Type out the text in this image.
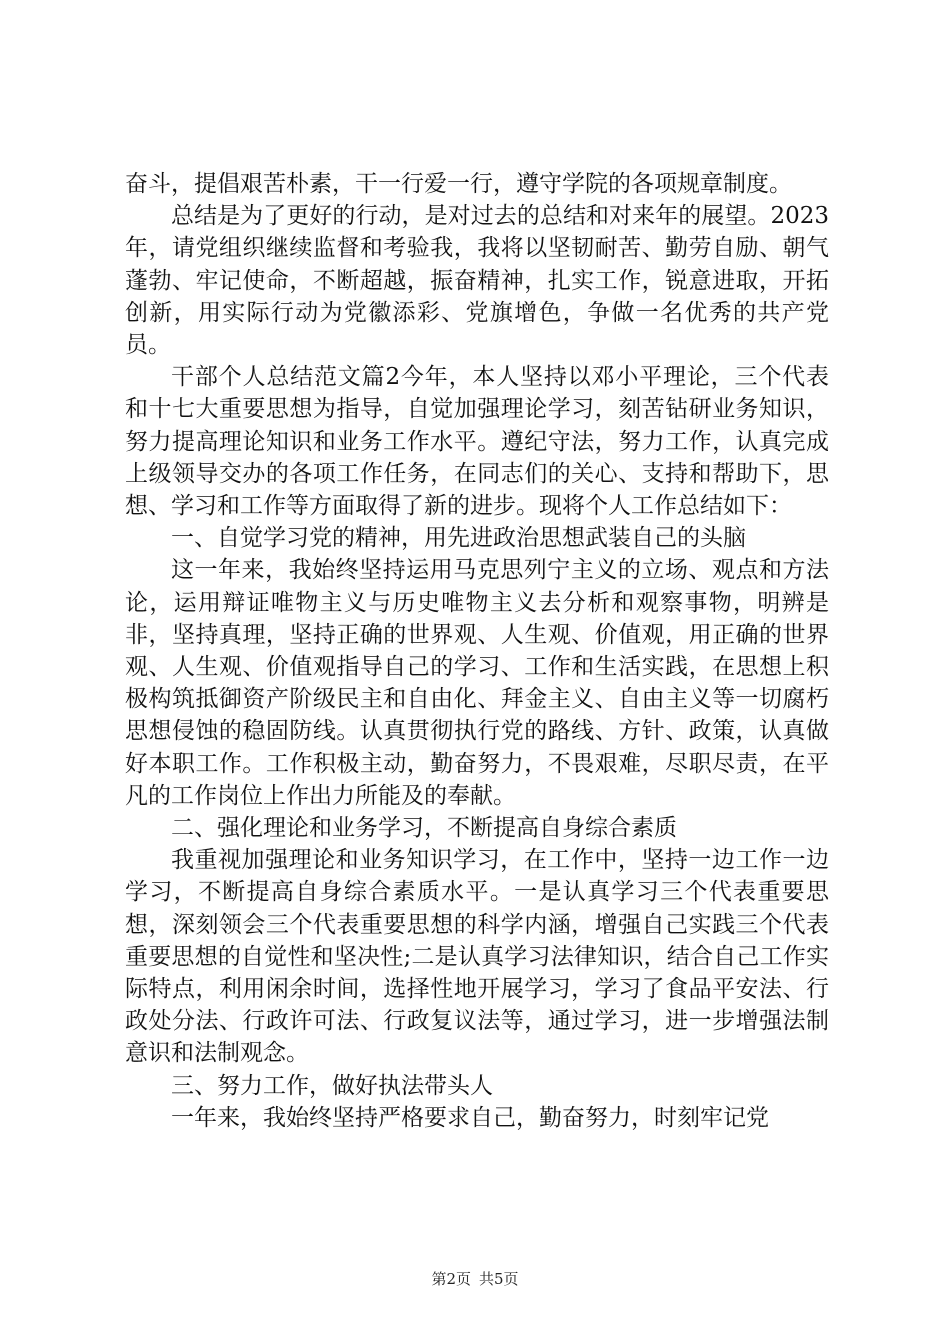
奋斗，提倡艰苦朴素，干一行爱一行，遵守学院的各项规章制度。

总结是为了更好的行动，是对过去的总结和对来年的展望。2023年，请党组织继续监督和考验我，我将以坚韧耐苦、勤劳自励、朝气蓬勃、牢记使命，不断超越，振奋精神，扎实工作，锐意进取，开拓创新，用实际行动为党徽添彩、党旗增色，争做一名优秀的共产党员。

干部个人总结范文篇2今年，本人坚持以邓小平理论，三个代表和十七大重要思想为指导，自觉加强理论学习，刻苦钻研业务知识，努力提高理论知识和业务工作水平。遵纪守法，努力工作，认真完成上级领导交办的各项工作任务，在同志们的关心、支持和帮助下，思想、学习和工作等方面取得了新的进步。现将个人工作总结如下：

一、自觉学习党的精神，用先进政治思想武装自己的头脑

这一年来，我始终坚持运用马克思列宁主义的立场、观点和方法论，运用辩证唯物主义与历史唯物主义去分析和观察事物，明辨是非，坚持真理，坚持正确的世界观、人生观、价值观，用正确的世界观、人生观、价值观指导自己的学习、工作和生活实践，在思想上积极构筑抵御资产阶级民主和自由化、拜金主义、自由主义等一切腐朽思想侵蚀的稳固防线。认真贯彻执行党的路线、方针、政策，认真做好本职工作。工作积极主动，勤奋努力，不畏艰难，尽职尽责，在平凡的工作岗位上作出力所能及的奉献。

二、强化理论和业务学习，不断提高自身综合素质

我重视加强理论和业务知识学习，在工作中，坚持一边工作一边学习，不断提高自身综合素质水平。一是认真学习三个代表重要思想，深刻领会三个代表重要思想的科学内涵，增强自己实践三个代表重要思想的自觉性和坚决性;二是认真学习法律知识，结合自己工作实际特点，利用闲余时间，选择性地开展学习，学习了食品平安法、行政处分法、行政许可法、行政复议法等，通过学习，进一步增强法制意识和法制观念。

三、努力工作，做好执法带头人

一年来，我始终坚持严格要求自己，勤奋努力，时刻牢记党

第2页 共5页
